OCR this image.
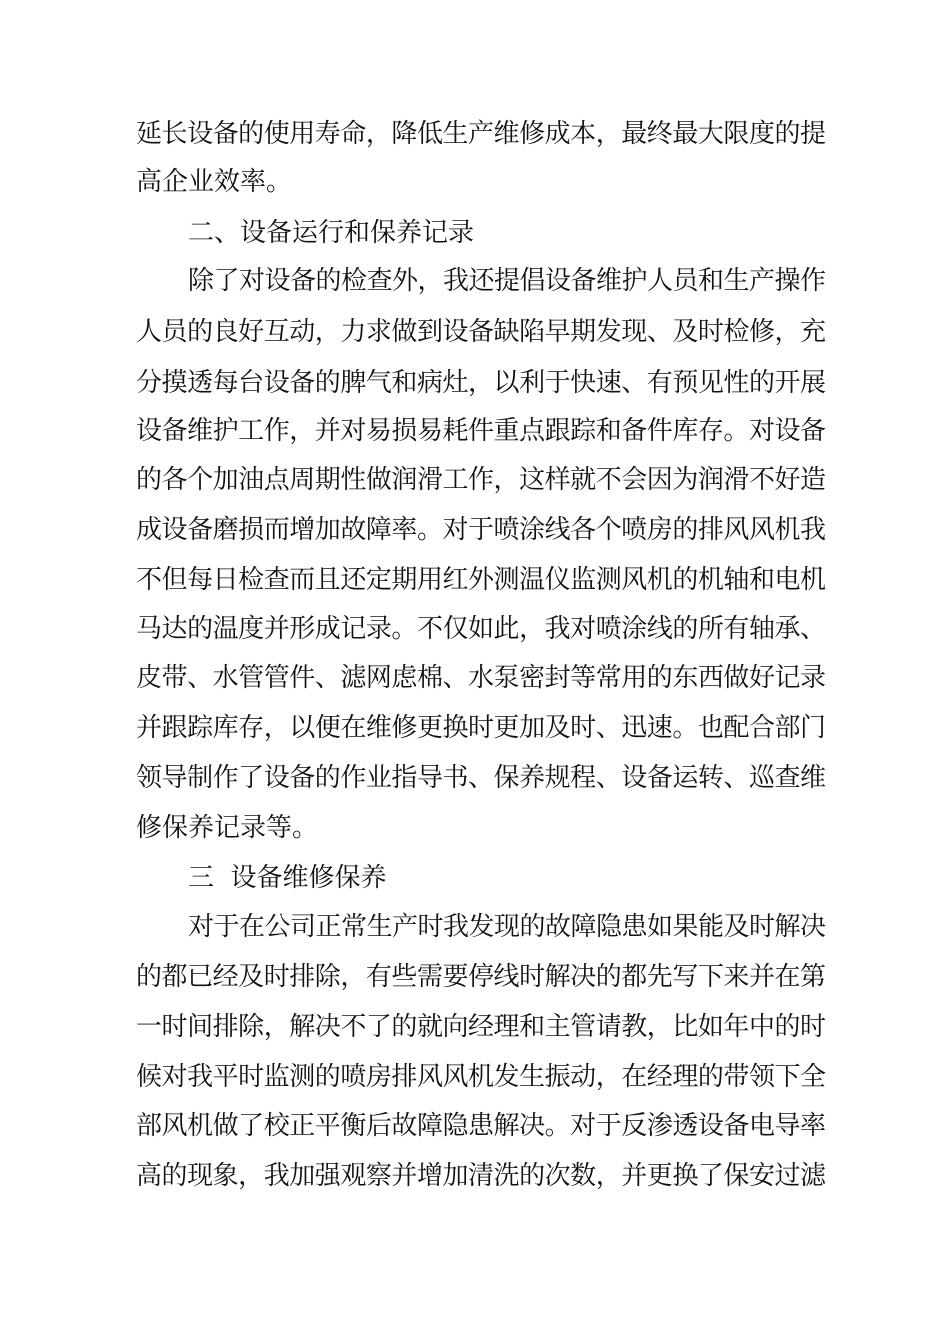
延长设备的使用寿命，降低生产维修成本，最终最大限度的提
高企业效率。
二、设备运行和保养记录
除了对设备的检查外，我还提倡设备维护人员和生产操作
人员的良好互动，力求做到设备缺陷早期发现、及时检修，充
分摸透每台设备的脾气和病灶，以利于快速、有预见性的开展
设备维护工作，并对易损易耗件重点跟踪和备件库存。对设备
的各个加油点周期性做润滑工作，这样就不会因为润滑不好造
成设备磨损而增加故障率。对于喷涂线各个喷房的排风风机我
不但每日检查而且还定期用红外测温仪监测风机的机轴和电机
马达的温度并形成记录。不仅如此，我对喷涂线的所有轴承、
皮带、水管管件、滤网虑棉、水泵密封等常用的东西做好记录
并跟踪库存，以便在维修更换时更加及时、迅速。也配合部门
领导制作了设备的作业指导书、保养规程、设备运转、巡查维
修保养记录等。
三  设备维修保养
对于在公司正常生产时我发现的故障隐患如果能及时解决
的都已经及时排除，有些需要停线时解决的都先写下来并在第
一时间排除，解决不了的就向经理和主管请教，比如年中的时
候对我平时监测的喷房排风风机发生振动，在经理的带领下全
部风机做了校正平衡后故障隐患解决。对于反渗透设备电导率
高的现象，我加强观察并增加清洗的次数，并更换了保安过滤
